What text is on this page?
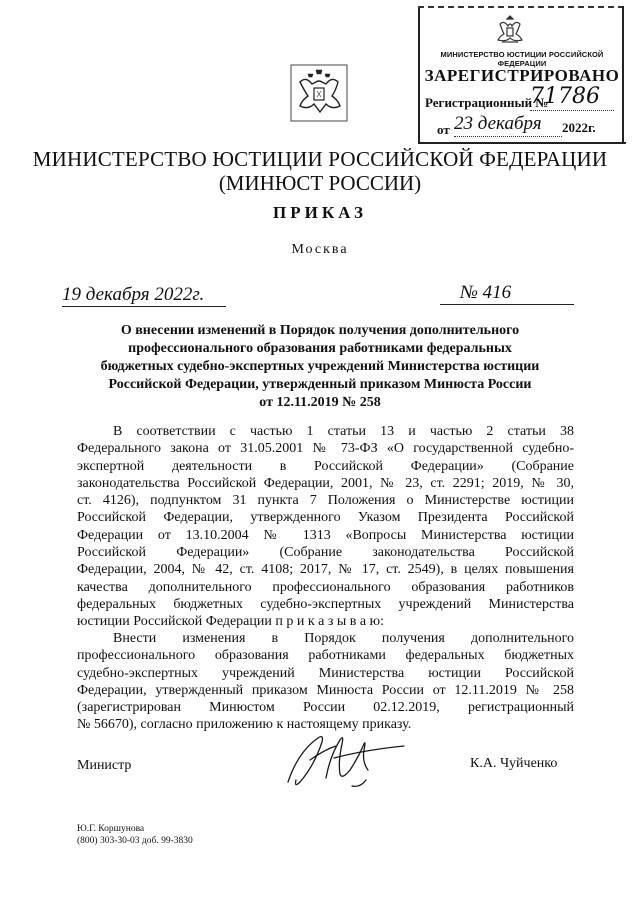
МИНИСТЕРСТВО ЮСТИЦИИ РОССИЙСКОЙ ФЕДЕРАЦИИ
ЗАРЕГИСТРИРОВАНО
Регистрационный №
71786
от 23 декабря	2022г.
МИНИСТЕРСТВО ЮСТИЦИИ РОССИЙСКОЙ ФЕДЕРАЦИИ
(МИНЮСТ РОССИИ)
ПРИКАЗ
Москва
19 декабря 2022г.	№ 416
О внесении изменений в Порядок получения дополнительного
профессионального образования работниками федеральных
бюджетных судебно-экспертных учреждений Министерства юстиции
Российской Федерации, утвержденный приказом Минюста России
от 12.11.2019 № 258
В соответствии с частью 1 статьи 13 и частью 2 статьи 38
Федерального закона от 31.05.2001 № 73-ФЗ «О государственной судебно-
экспертной деятельности в Российской Федерации» (Собрание
законодательства Российской Федерации, 2001, № 23, ст. 2291; 2019, № 30,
ст. 4126), подпунктом 31 пункта 7 Положения о Министерстве юстиции
Российской Федерации, утвержденного Указом Президента Российской
Федерации от 13.10.2004 № 1313 «Вопросы Министерства юстиции
Российской Федерации» (Собрание законодательства Российской
Федерации, 2004, № 42, ст. 4108; 2017, № 17, ст. 2549), в целях повышения
качества дополнительного профессионального образования работников
федеральных бюджетных судебно-экспертных учреждений Министерства
юстиции Российской Федерации п р и к а з ы в а ю:
Внести изменения в Порядок получения дополнительного
профессионального образования работниками федеральных бюджетных
судебно-экспертных учреждений Министерства юстиции Российской
Федерации, утвержденный приказом Минюста России от 12.11.2019 № 258
(зарегистрирован Минюстом России 02.12.2019, регистрационный
№ 56670), согласно приложению к настоящему приказу.
Министр	К.А. Чуйченко
Ю.Г. Коршунова
(800) 303-30-03 доб. 99-3830
